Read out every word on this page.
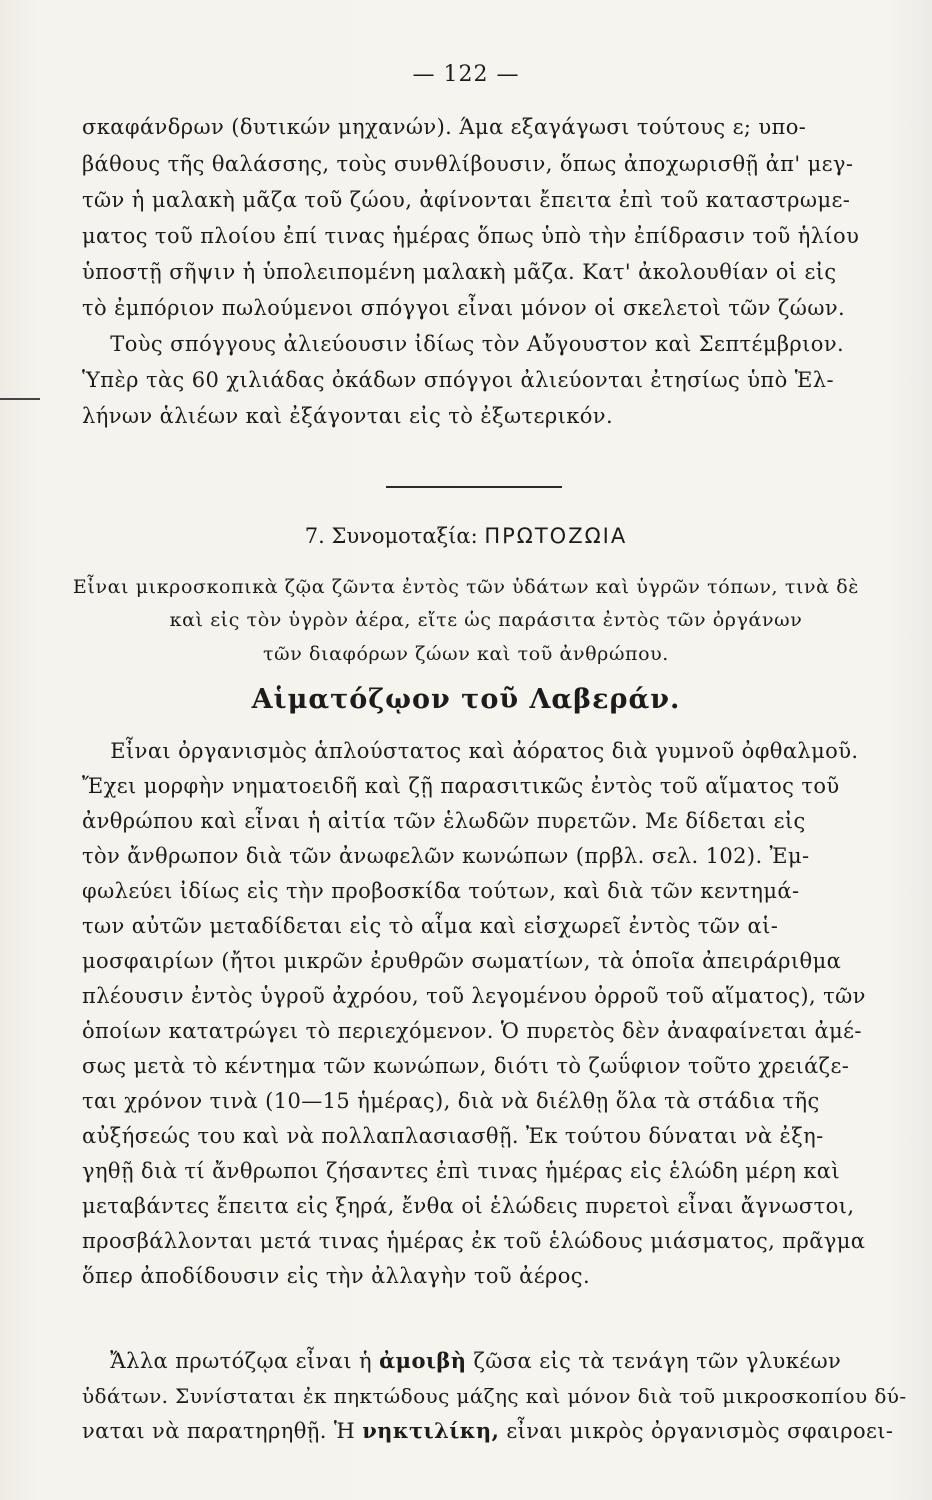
— 122 —
σκαφάνδρων (δυτικών μηχανών). Άμα εξαγάγωσι τούτους ε; υπο-
βάθους τῆς θαλάσσης, τοὺς συνθλίβουσιν, ὅπως ἀποχωρισθῇ ἀπ' μεγ-
τῶν ἡ μαλακὴ μᾶζα τοῦ ζώου, ἀφίνονται ἔπειτα ἐπὶ τοῦ καταστρωμε-
ματος τοῦ πλοίου ἐπί τινας ἡμέρας ὅπως ὑπὸ τὴν ἐπίδρασιν τοῦ ἡλίου
ὑποστῇ σῆψιν ἡ ὑπολειπομένη μαλακὴ μᾶζα. Κατ' ἀκολουθίαν οἱ εἰς
τὸ ἐμπόριον πωλούμενοι σπόγγοι εἶναι μόνον οἱ σκελετοὶ τῶν ζώων.
Τοὺς σπόγγους ἀλιεύουσιν ἰδίως τὸν Αὔγουστον καὶ Σεπτέμβριον.
Ὑπὲρ τὰς 60 χιλιάδας ὀκάδων σπόγγοι ἀλιεύονται ἐτησίως ὑπὸ Ἑλ-
λήνων ἁλιέων καὶ ἐξάγονται εἰς τὸ ἐξωτερικόν.
7. Συνομοταξία: ΠΡΩΤΟΖΩΙΑ
Εἶναι μικροσκοπικὰ ζῷα ζῶντα ἐντὸς τῶν ὑδάτων καὶ ὑγρῶν τόπων, τινὰ δὲ
καὶ εἰς τὸν ὑγρὸν ἀέρα, εἴτε ὡς παράσιτα ἐντὸς τῶν ὀργάνων
τῶν διαφόρων ζώων καὶ τοῦ ἀνθρώπου.
Αἱματόζῳον τοῦ Λαβεράν.
Εἶναι ὀργανισμὸς ἁπλούστατος καὶ ἀόρατος διὰ γυμνοῦ ὀφθαλμοῦ.
Ἔχει μορφὴν νηματοειδῆ καὶ ζῇ παρασιτικῶς ἐντὸς τοῦ αἵματος τοῦ
ἀνθρώπου καὶ εἶναι ἡ αἰτία τῶν ἑλωδῶν πυρετῶν. Με δίδεται εἰς
τὸν ἄνθρωπον διὰ τῶν ἀνωφελῶν κωνώπων (πρβλ. σελ. 102). Ἐμ-
φωλεύει ἰδίως εἰς τὴν προβοσκίδα τούτων, καὶ διὰ τῶν κεντημά-
των αὐτῶν μεταδίδεται εἰς τὸ αἷμα καὶ εἰσχωρεῖ ἐντὸς τῶν αἱ-
μοσφαιρίων (ἤτοι μικρῶν ἐρυθρῶν σωματίων, τὰ ὁποῖα ἀπειράριθμα
πλέουσιν ἐντὸς ὑγροῦ ἀχρόου, τοῦ λεγομένου ὀρροῦ τοῦ αἵματος), τῶν
ὁποίων κατατρώγει τὸ περιεχόμενον. Ὁ πυρετὸς δὲν ἀναφαίνεται ἀμέ-
σως μετὰ τὸ κέντημα τῶν κωνώπων, διότι τὸ ζωΰφιον τοῦτο χρειάζε-
ται χρόνον τινὰ (10—15 ἡμέρας), διὰ νὰ διέλθῃ ὅλα τὰ στάδια τῆς
αὐξήσεώς του καὶ νὰ πολλαπλασιασθῇ. Ἐκ τούτου δύναται νὰ ἐξη-
γηθῇ διὰ τί ἄνθρωποι ζήσαντες ἐπὶ τινας ἡμέρας εἰς ἑλώδη μέρη καὶ
μεταβάντες ἔπειτα εἰς ξηρά, ἔνθα οἱ ἑλώδεις πυρετοὶ εἶναι ἄγνωστοι,
προσβάλλονται μετά τινας ἡμέρας ἐκ τοῦ ἑλώδους μιάσματος, πρᾶγμα
ὅπερ ἀποδίδουσιν εἰς τὴν ἀλλαγὴν τοῦ ἀέρος.
Ἄλλα πρωτόζῳα εἶναι ἡ ἀμοιβὴ ζῶσα εἰς τὰ τενάγη τῶν γλυκέων
ὑδάτων. Συνίσταται ἐκ πηκτώδους μάζης καὶ μόνον διὰ τοῦ μικροσκοπίου δύ-
ναται νὰ παρατηρηθῇ. Ἡ νηκτιλίκη, εἶναι μικρὸς ὀργανισμὸς σφαιροει-
